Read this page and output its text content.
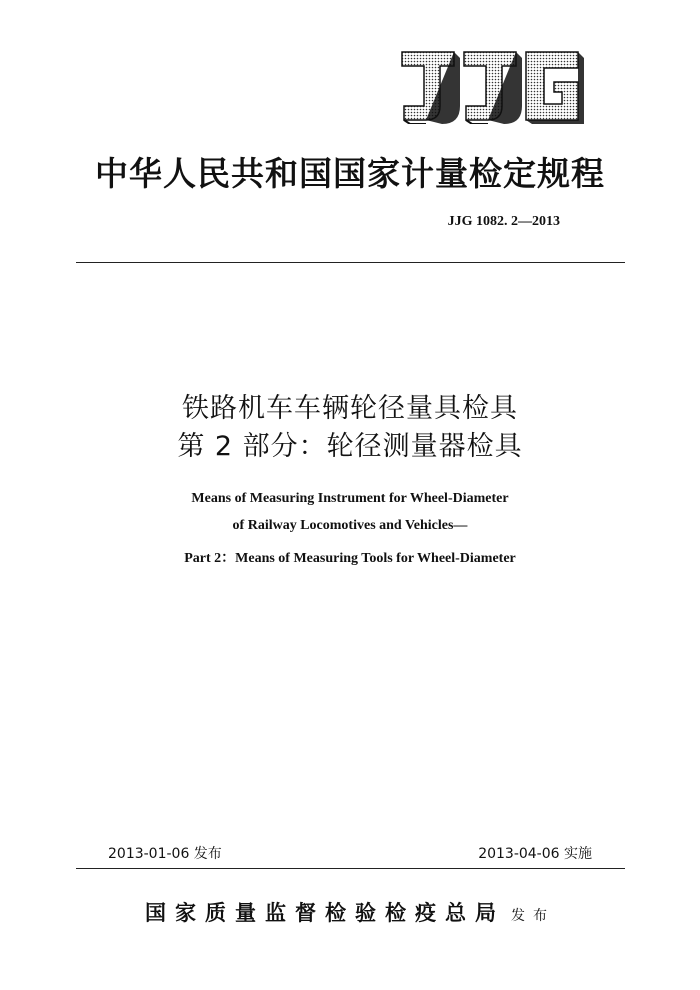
中华人民共和国国家计量检定规程
JJG 1082. 2—2013
铁路机车车辆轮径量具检具
第 2 部分：轮径测量器检具
Means of Measuring Instrument for Wheel-Diameter
of Railway Locomotives and Vehicles—
Part 2：Means of Measuring Tools for Wheel-Diameter
2013-01-06 发布	2013-04-06 实施
国家质量监督检验检疫总局 发布
